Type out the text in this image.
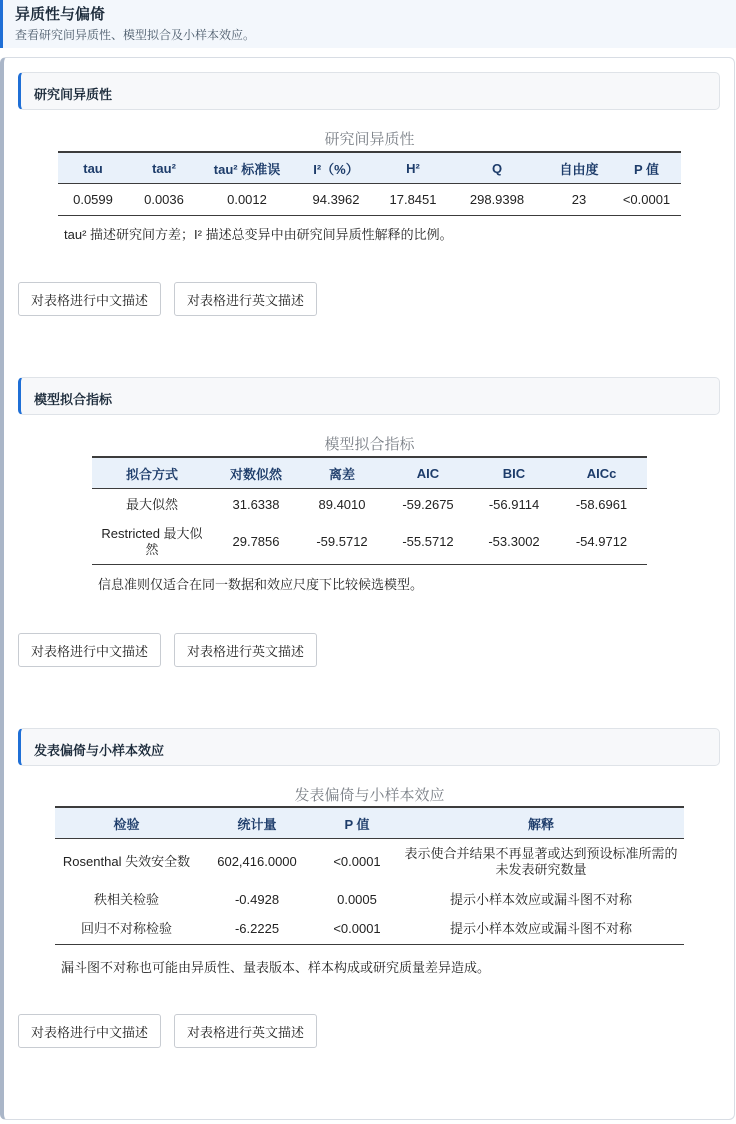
异质性与偏倚
查看研究间异质性、模型拟合及小样本效应。
研究间异质性
研究间异质性
tau	tau²	tau² 标准误	I²（%）	H²	Q	自由度	P 值
0.0599	0.0036	0.0012	94.3962	17.8451	298.9398	23	<0.0001
tau² 描述研究间方差；I² 描述总变异中由研究间异质性解释的比例。
对表格进行中文描述	对表格进行英文描述
模型拟合指标
模型拟合指标
拟合方式	对数似然	离差	AIC	BIC	AICc
最大似然	31.6338	89.4010	-59.2675	-56.9114	-58.6961
Restricted 最大似然	29.7856	-59.5712	-55.5712	-53.3002	-54.9712
信息准则仅适合在同一数据和效应尺度下比较候选模型。
对表格进行中文描述	对表格进行英文描述
发表偏倚与小样本效应
发表偏倚与小样本效应
检验	统计量	P 值	解释
Rosenthal 失效安全数	602,416.0000	<0.0001	表示使合并结果不再显著或达到预设标准所需的未发表研究数量
秩相关检验	-0.4928	0.0005	提示小样本效应或漏斗图不对称
回归不对称检验	-6.2225	<0.0001	提示小样本效应或漏斗图不对称
漏斗图不对称也可能由异质性、量表版本、样本构成或研究质量差异造成。
对表格进行中文描述	对表格进行英文描述
